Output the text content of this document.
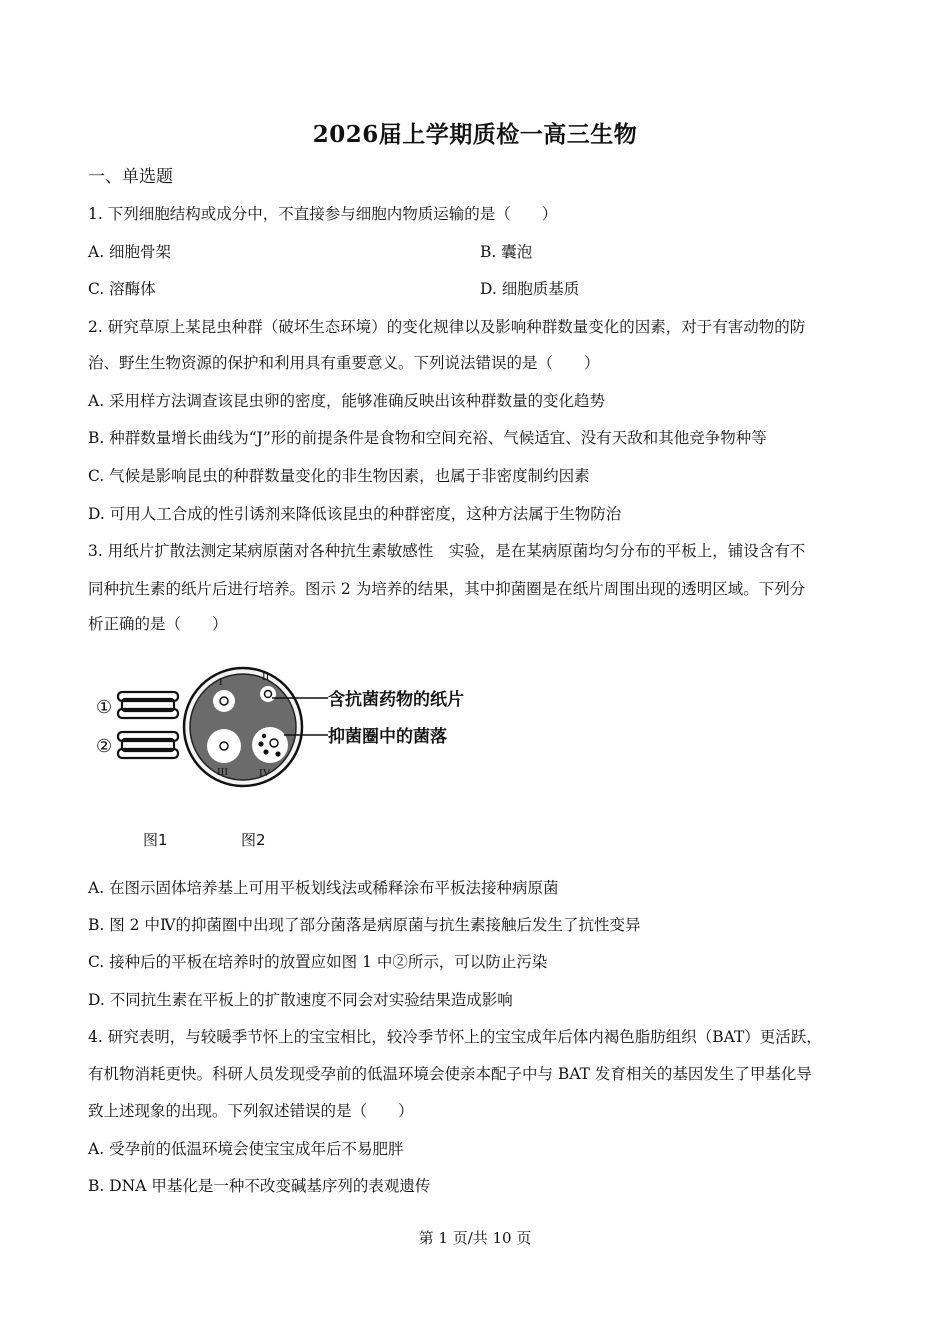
2026届上学期质检一高三生物
一、单选题
1. 下列细胞结构或成分中，不直接参与细胞内物质运输的是（　　）
A. 细胞骨架	B. 囊泡
C. 溶酶体	D. 细胞质基质
2. 研究草原上某昆虫种群（破坏生态环境）的变化规律以及影响种群数量变化的因素，对于有害动物的防
治、野生生物资源的保护和利用具有重要意义。下列说法错误的是（　　）
A. 采用样方法调查该昆虫卵的密度，能够准确反映出该种群数量的变化趋势
B. 种群数量增长曲线为“J”形的前提条件是食物和空间充裕、气候适宜、没有天敌和其他竞争物种等
C. 气候是影响昆虫的种群数量变化的非生物因素，也属于非密度制约因素
D. 可用人工合成的性引诱剂来降低该昆虫的种群密度，这种方法属于生物防治
3. 用纸片扩散法测定某病原菌对各种抗生素敏感性　实验，是在某病原菌均匀分布的平板上，铺设含有不
同种抗生素的纸片后进行培养。图示 2 为培养的结果，其中抑菌圈是在纸片周围出现的透明区域。下列分
析正确的是（　　）
①
②
I	II
III	IV
含抗菌药物的纸片
抑菌圈中的菌落
图1	图2
A. 在图示固体培养基上可用平板划线法或稀释涂布平板法接种病原菌
B. 图 2 中Ⅳ的抑菌圈中出现了部分菌落是病原菌与抗生素接触后发生了抗性变异
C. 接种后的平板在培养时的放置应如图 1 中②所示，可以防止污染
D. 不同抗生素在平板上的扩散速度不同会对实验结果造成影响
4. 研究表明，与较暖季节怀上的宝宝相比，较冷季节怀上的宝宝成年后体内褐色脂肪组织（BAT）更活跃，
有机物消耗更快。科研人员发现受孕前的低温环境会使亲本配子中与 BAT 发育相关的基因发生了甲基化导
致上述现象的出现。下列叙述错误的是（　　）
A. 受孕前的低温环境会使宝宝成年后不易肥胖
B. DNA 甲基化是一种不改变碱基序列的表观遗传
第 1 页/共 10 页
